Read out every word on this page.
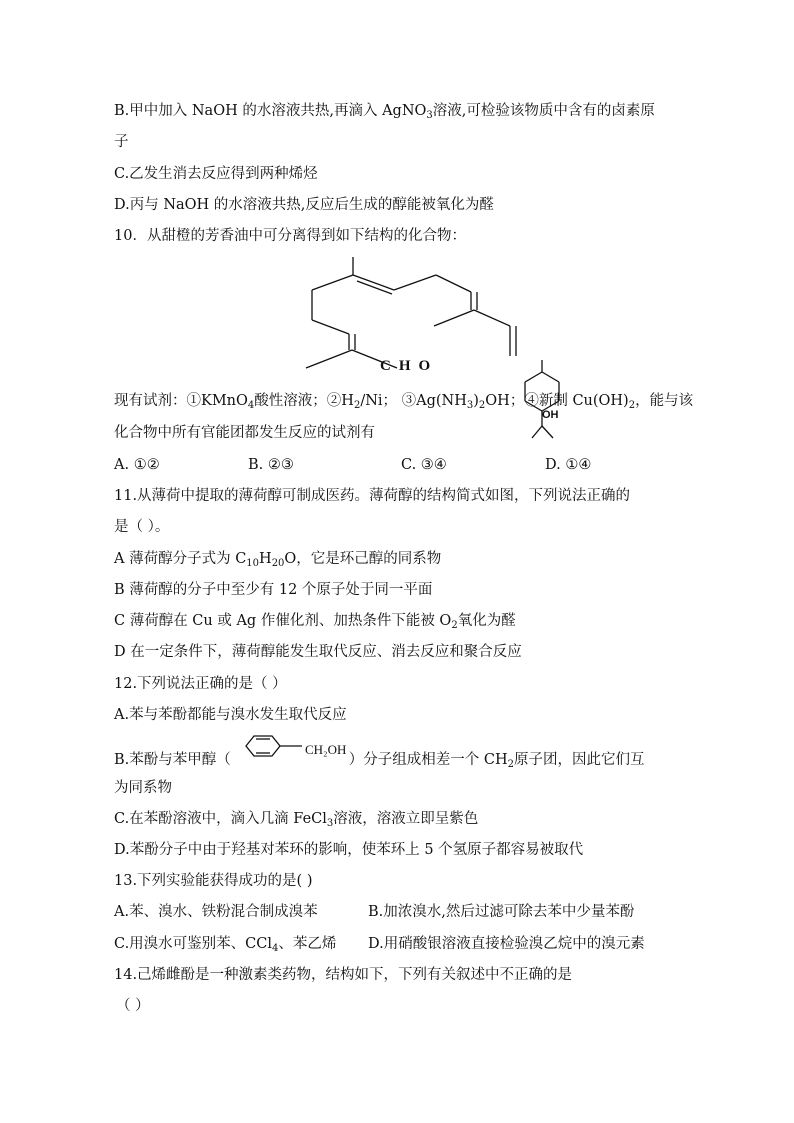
B.甲中加入 NaOH 的水溶液共热,再滴入 AgNO$_3$溶液,可检验该物质中含有的卤素原
子
C.乙发生消去反应得到两种烯烃
D.丙与 NaOH 的水溶液共热,反应后生成的醇能被氧化为醛
10．从甜橙的芳香油中可分离得到如下结构的化合物：
CHO
现有试剂：①KMnO$_4$酸性溶液；$②H_2/Ni$； $③Ag(NH_3)_2OH$；④新制 $Cu(OH)_2$，能与该
OH
化合物中所有官能团都发生反应的试剂有
A. ①②	B. ②③	C. ③④	D. ①④
11.从薄荷中提取的薄荷醇可制成医药。薄荷醇的结构简式如图，下列说法正确的
是（ ）。
A 薄荷醇分子式为 $C_{10}H_{20}O$，它是环己醇的同系物
B 薄荷醇的分子中至少有 12 个原子处于同一平面
C 薄荷醇在 Cu 或 Ag 作催化剂、加热条件下能被 $O_2$氧化为醛
D 在一定条件下，薄荷醇能发生取代反应、消去反应和聚合反应
12.下列说法正确的是（ ）
A.苯与苯酚都能与溴水发生取代反应
B.苯酚与苯甲醇（	）分子组成相差一个 $CH_2$原子团，因此它们互
CH₂OH
为同系物
C.在苯酚溶液中，滴入几滴 FeCl$_3$溶液，溶液立即呈紫色
D.苯酚分子中由于羟基对苯环的影响，使苯环上 5 个氢原子都容易被取代
13.下列实验能获得成功的是( )
A.苯、溴水、铁粉混合制成溴苯	B.加浓溴水,然后过滤可除去苯中少量苯酚
C.用溴水可鉴别苯、CCl$_4$、苯乙烯 D.用硝酸银溶液直接检验溴乙烷中的溴元素
14.己烯雌酚是一种激素类药物，结构如下，下列有关叙述中不正确的是
（ ）
